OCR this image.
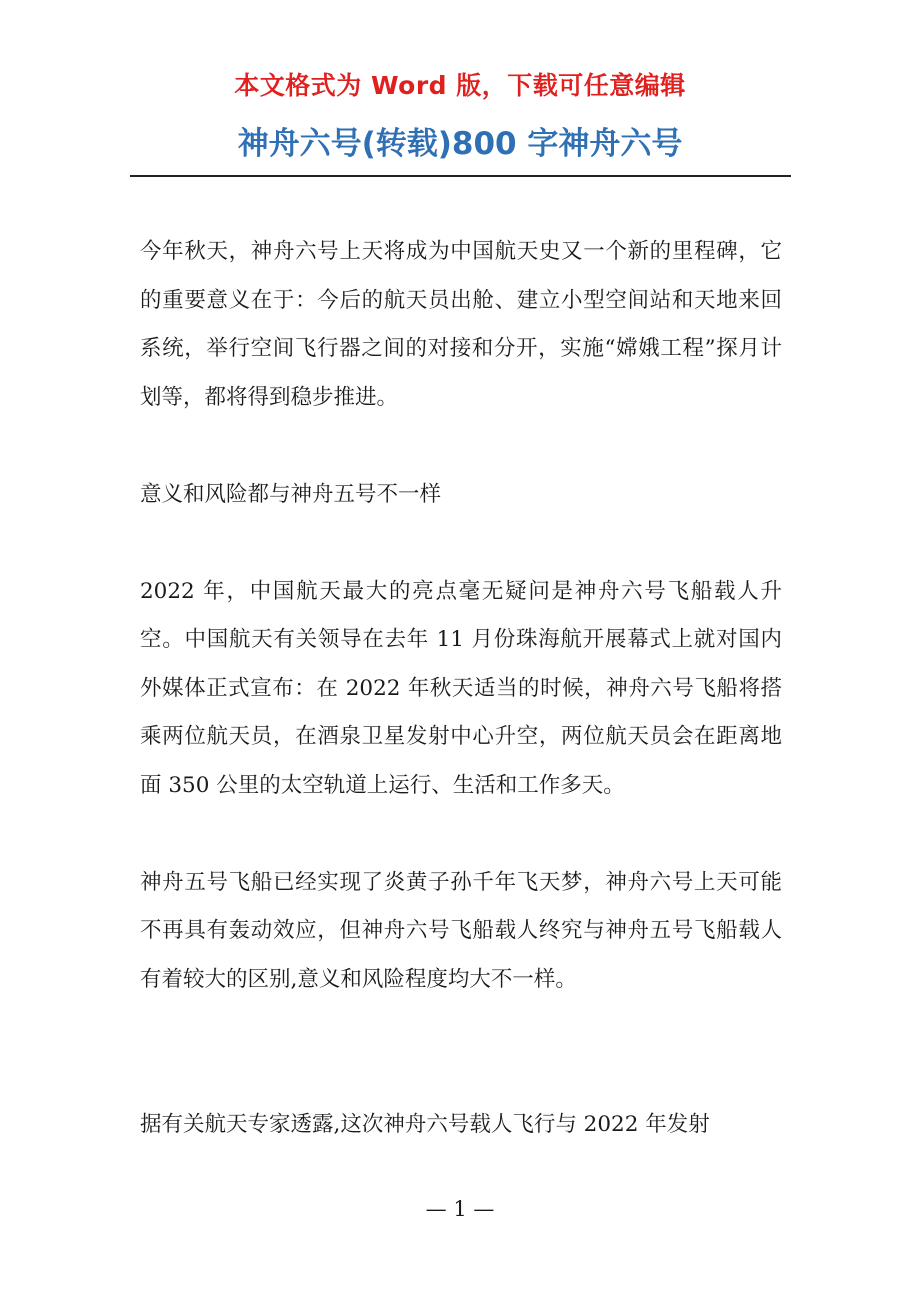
本文格式为 Word 版，下载可任意编辑
神舟六号(转载)800 字神舟六号

今年秋天，神舟六号上天将成为中国航天史又一个新的里程碑，它的重要意义在于：今后的航天员出舱、建立小型空间站和天地来回系统，举行空间飞行器之间的对接和分开，实施“嫦娥工程”探月计划等，都将得到稳步推进。

意义和风险都与神舟五号不一样

2022 年，中国航天最大的亮点毫无疑问是神舟六号飞船载人升空。中国航天有关领导在去年 11 月份珠海航开展幕式上就对国内外媒体正式宣布：在 2022 年秋天适当的时候，神舟六号飞船将搭乘两位航天员，在酒泉卫星发射中心升空，两位航天员会在距离地面 350 公里的太空轨道上运行、生活和工作多天。

神舟五号飞船已经实现了炎黄子孙千年飞天梦，神舟六号上天可能不再具有轰动效应，但神舟六号飞船载人终究与神舟五号飞船载人有着较大的区别,意义和风险程度均大不一样。

据有关航天专家透露,这次神舟六号载人飞行与 2022 年发射

— 1 —
